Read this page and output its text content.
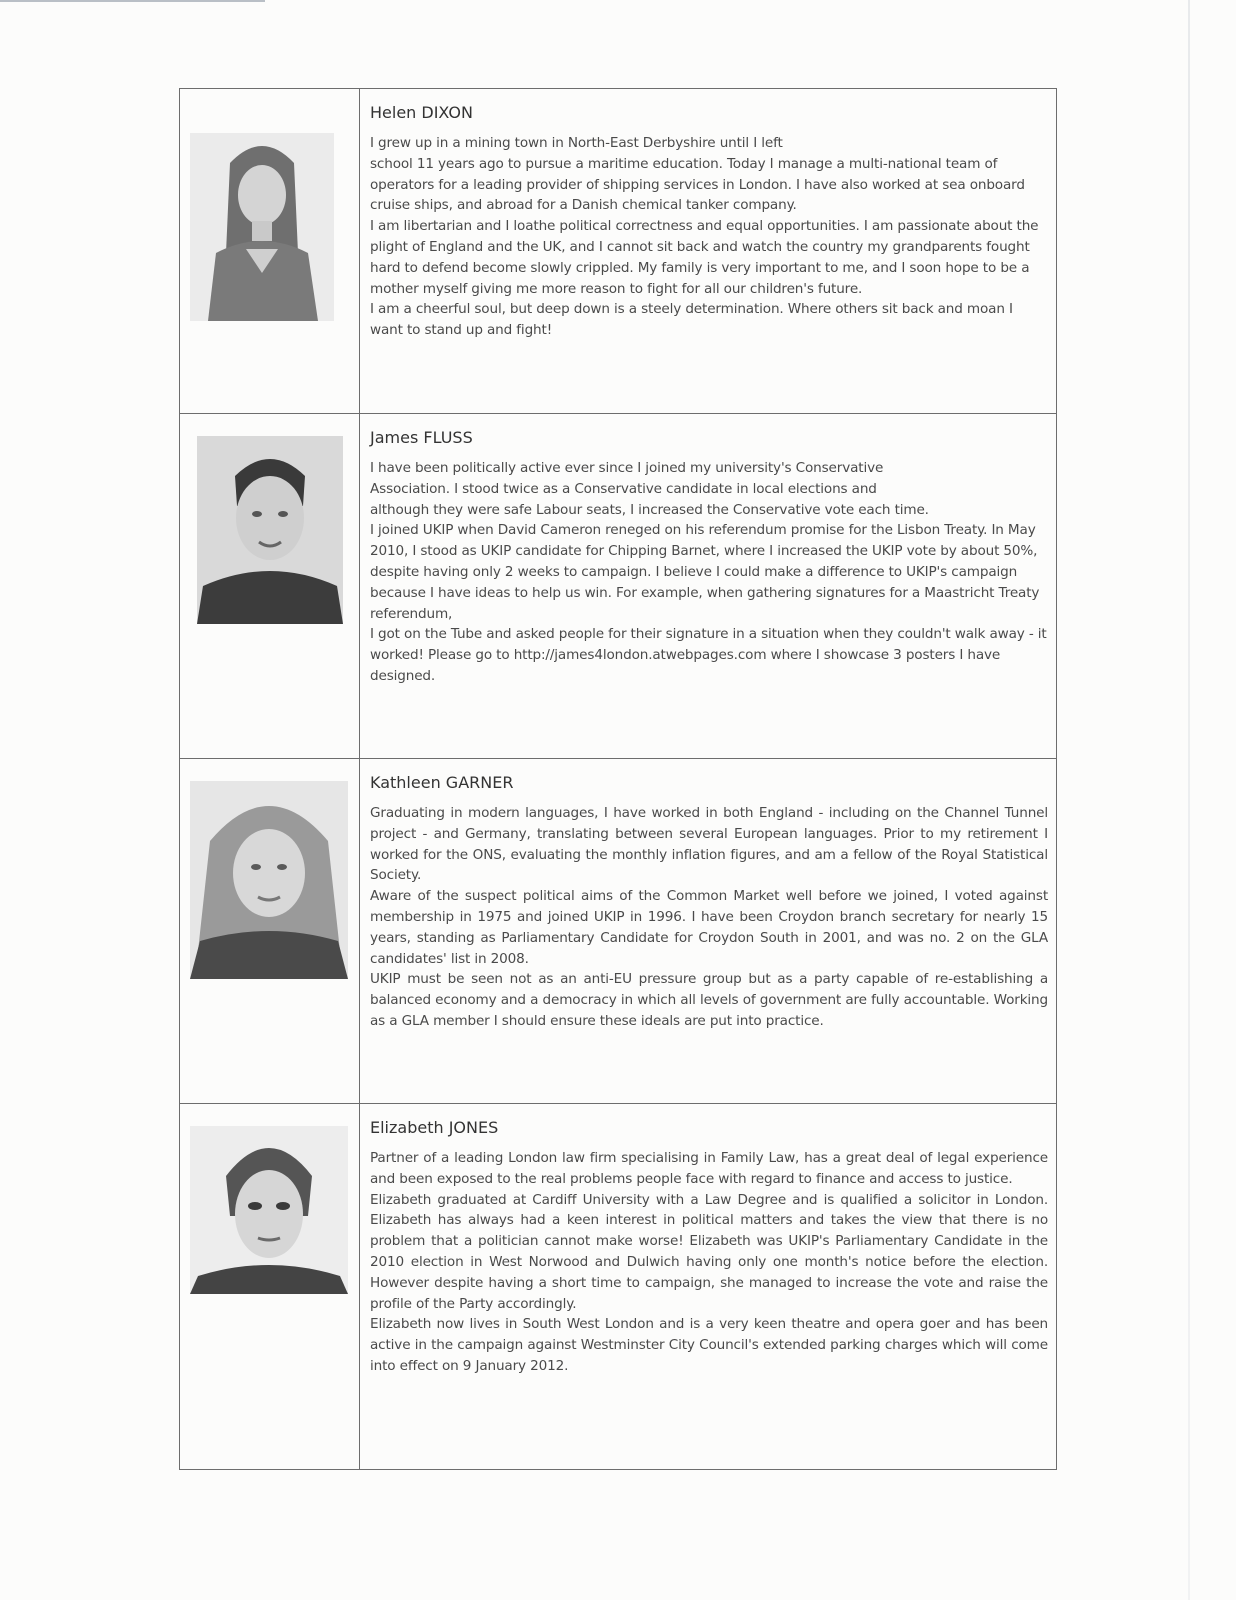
Helen DIXON

I grew up in a mining town in North-East Derbyshire until I left

school 11 years ago to pursue a maritime education. Today I manage a multi-national team of operators for a leading provider of shipping services in London. I have also worked at sea onboard cruise ships, and abroad for a Danish chemical tanker company.

I am libertarian and I loathe political correctness and equal opportunities. I am passionate about the plight of England and the UK, and I cannot sit back and watch the country my grandparents fought hard to defend become slowly crippled. My family is very important to me, and I soon hope to be a mother myself giving me more reason to fight for all our children's future.

I am a cheerful soul, but deep down is a steely determination. Where others sit back and moan I want to stand up and fight!

James FLUSS

I have been politically active ever since I joined my university's Conservative

Association. I stood twice as a Conservative candidate in local elections and

although they were safe Labour seats, I increased the Conservative vote each time.

I joined UKIP when David Cameron reneged on his referendum promise for the Lisbon Treaty. In May 2010, I stood as UKIP candidate for Chipping Barnet, where I increased the UKIP vote by about 50%, despite having only 2 weeks to campaign. I believe I could make a difference to UKIP's campaign because I have ideas to help us win. For example, when gathering signatures for a Maastricht Treaty referendum,

I got on the Tube and asked people for their signature in a situation when they couldn't walk away - it worked! Please go to http://james4london.atwebpages.com where I showcase 3 posters I have designed.

Kathleen GARNER

Graduating in modern languages, I have worked in both England - including on the Channel Tunnel project - and Germany, translating between several European languages. Prior to my retirement I worked for the ONS, evaluating the monthly inflation figures, and am a fellow of the Royal Statistical Society.

Aware of the suspect political aims of the Common Market well before we joined, I voted against membership in 1975 and joined UKIP in 1996. I have been Croydon branch secretary for nearly 15 years, standing as Parliamentary Candidate for Croydon South in 2001, and was no. 2 on the GLA candidates' list in 2008.

UKIP must be seen not as an anti-EU pressure group but as a party capable of re-establishing a balanced economy and a democracy in which all levels of government are fully accountable. Working as a GLA member I should ensure these ideals are put into practice.

Elizabeth JONES

Partner of a leading London law firm specialising in Family Law, has a great deal of legal experience and been exposed to the real problems people face with regard to finance and access to justice.

Elizabeth graduated at Cardiff University with a Law Degree and is qualified a solicitor in London. Elizabeth has always had a keen interest in political matters and takes the view that there is no problem that a politician cannot make worse! Elizabeth was UKIP's Parliamentary Candidate in the 2010 election in West Norwood and Dulwich having only one month's notice before the election. However despite having a short time to campaign, she managed to increase the vote and raise the profile of the Party accordingly.

Elizabeth now lives in South West London and is a very keen theatre and opera goer and has been active in the campaign against Westminster City Council's extended parking charges which will come into effect on 9 January 2012.
